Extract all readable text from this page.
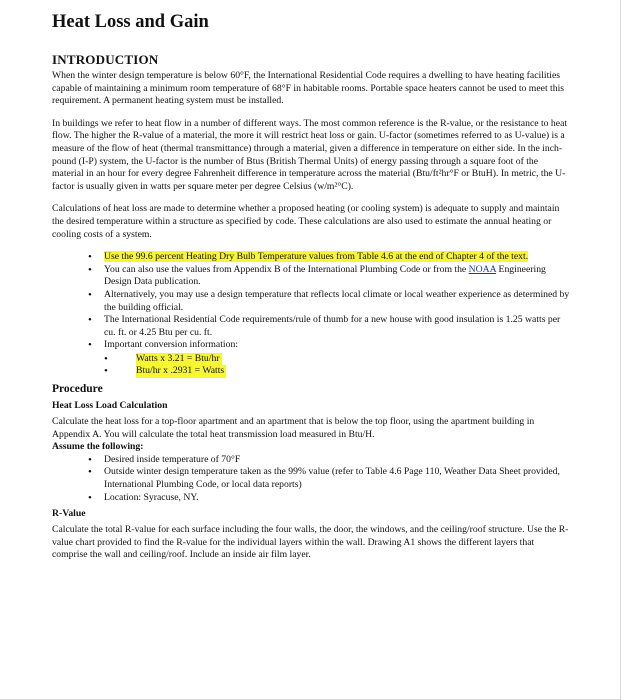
Heat Loss and Gain
INTRODUCTION

When the winter design temperature is below 60°F, the International Residential Code requires a dwelling to have heating facilities capable of maintaining a minimum room temperature of 68°F in habitable rooms. Portable space heaters cannot be used to meet this requirement. A permanent heating system must be installed.

In buildings we refer to heat flow in a number of different ways. The most common reference is the R-value, or the resistance to heat flow. The higher the R-value of a material, the more it will restrict heat loss or gain. U-factor (sometimes referred to as U-value) is a measure of the flow of heat (thermal transmittance) through a material, given a difference in temperature on either side. In the inch-pound (I-P) system, the U-factor is the number of Btus (British Thermal Units) of energy passing through a square foot of the material in an hour for every degree Fahrenheit difference in temperature across the material (Btu/ft²hr°F or BtuH). In metric, the U-factor is usually given in watts per square meter per degree Celsius (w/m²°C).

Calculations of heat loss are made to determine whether a proposed heating (or cooling system) is adequate to supply and maintain the desired temperature within a structure as specified by code. These calculations are also used to estimate the annual heating or cooling costs of a system.

• Use the 99.6 percent Heating Dry Bulb Temperature values from Table 4.6 at the end of Chapter 4 of the text.
• You can also use the values from Appendix B of the International Plumbing Code or from the NOAA Engineering Design Data publication.
• Alternatively, you may use a design temperature that reflects local climate or local weather experience as determined by the building official.
• The International Residential Code requirements/rule of thumb for a new house with good insulation is 1.25 watts per cu. ft. or 4.25 Btu per cu. ft.
• Important conversion information:
• Watts x 3.21 = Btu/hr
• Btu/hr x .2931 = Watts
Procedure
Heat Loss Load Calculation

Calculate the heat loss for a top-floor apartment and an apartment that is below the top floor, using the apartment building in Appendix A. You will calculate the total heat transmission load measured in Btu/H.

Assume the following:

• Desired inside temperature of 70°F
• Outside winter design temperature taken as the 99% value (refer to Table 4.6 Page 110, Weather Data Sheet provided, International Plumbing Code, or local data reports)
• Location: Syracuse, NY.
R-Value

Calculate the total R-value for each surface including the four walls, the door, the windows, and the ceiling/roof structure. Use the R-value chart provided to find the R-value for the individual layers within the wall. Drawing A1 shows the different layers that comprise the wall and ceiling/roof. Include an inside air film layer.
